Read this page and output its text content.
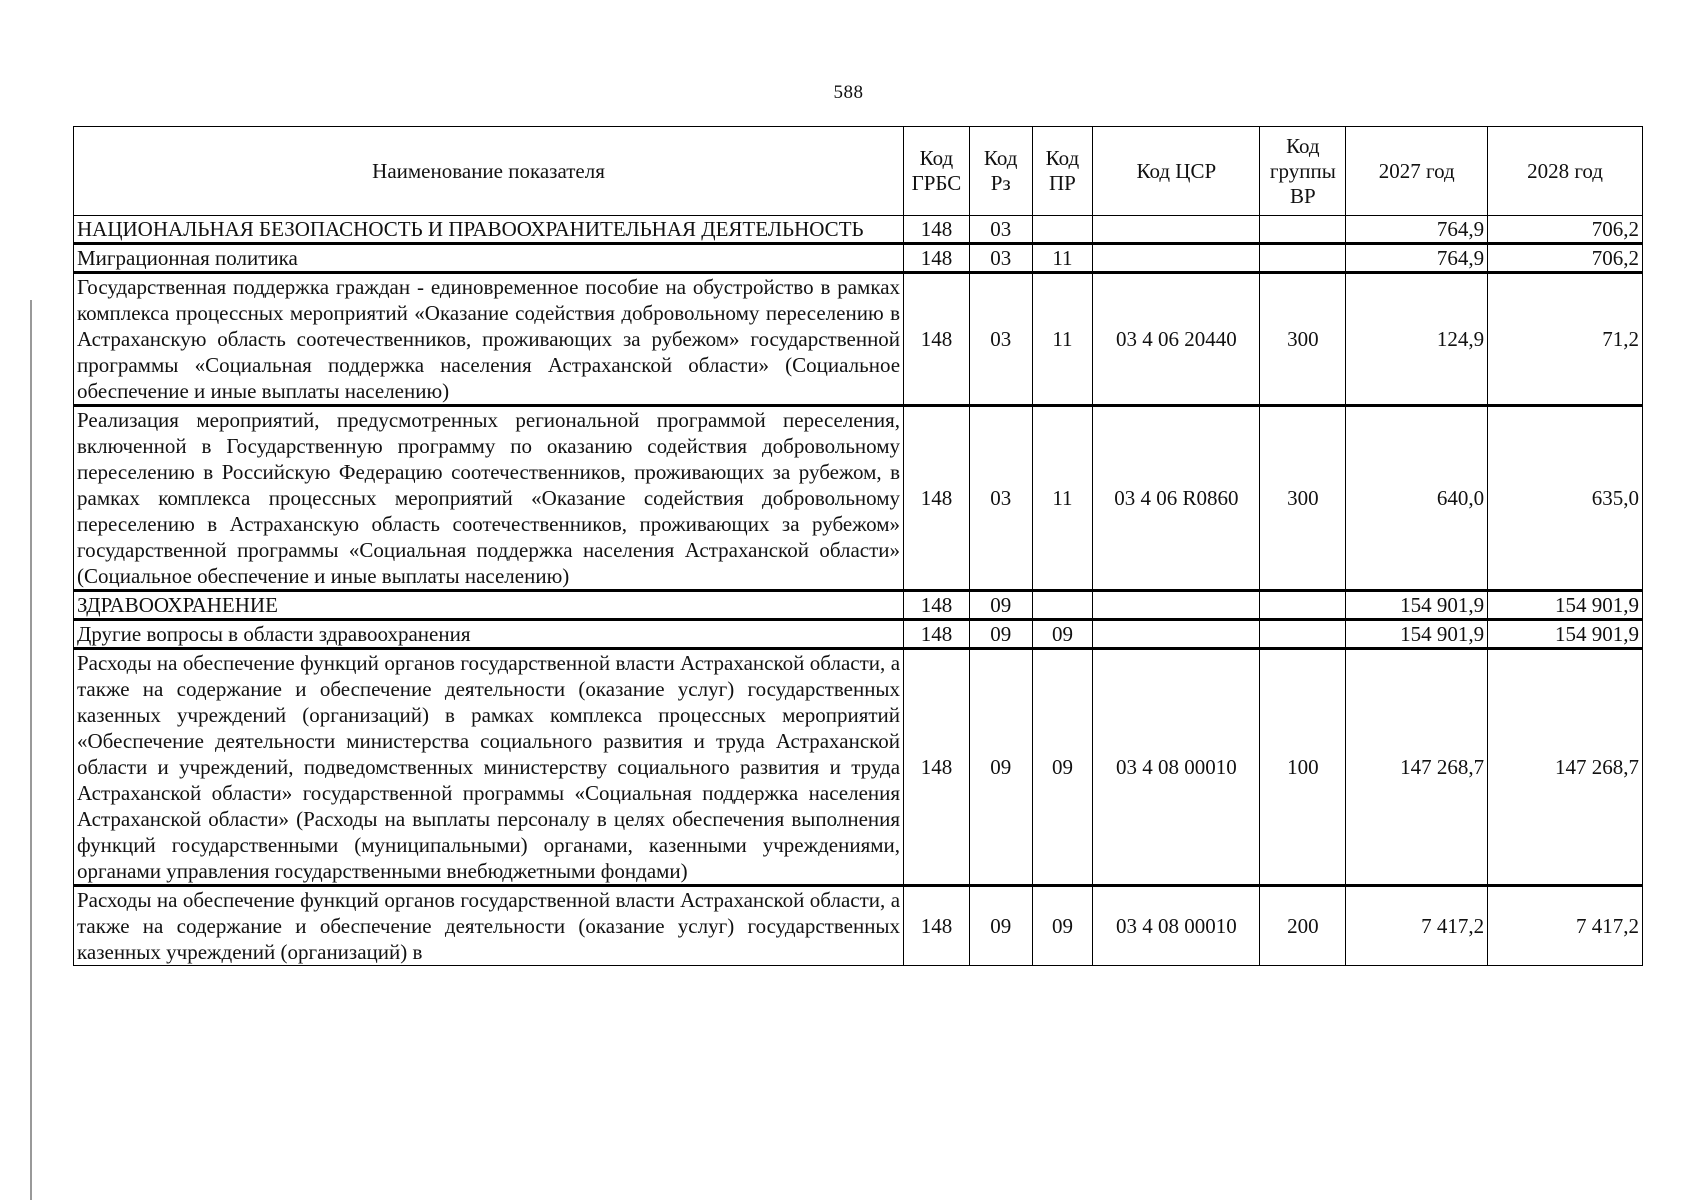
588
Наименование показателя	Код ГРБС	Код Рз	Код ПР	Код ЦСР	Код группы ВР	2027 год	2028 год
НАЦИОНАЛЬНАЯ БЕЗОПАСНОСТЬ И ПРАВООХРАНИТЕЛЬНАЯ ДЕЯТЕЛЬНОСТЬ	148	03				764,9	706,2
Миграционная политика	148	03	11			764,9	706,2
Государственная поддержка граждан - единовременное пособие на обустройство в рамках комплекса процессных мероприятий «Оказание содействия добровольному переселению в Астраханскую область соотечественников, проживающих за рубежом» государственной программы «Социальная поддержка населения Астраханской области» (Социальное обеспечение и иные выплаты населению)	148	03	11	03 4 06 20440	300	124,9	71,2
Реализация мероприятий, предусмотренных региональной программой переселения, включенной в Государственную программу по оказанию содействия добровольному переселению в Российскую Федерацию соотечественников, проживающих за рубежом, в рамках комплекса процессных мероприятий «Оказание содействия добровольному переселению в Астраханскую область соотечественников, проживающих за рубежом» государственной программы «Социальная поддержка населения Астраханской области» (Социальное обеспечение и иные выплаты населению)	148	03	11	03 4 06 R0860	300	640,0	635,0
ЗДРАВООХРАНЕНИЕ	148	09				154 901,9	154 901,9
Другие вопросы в области здравоохранения	148	09	09			154 901,9	154 901,9
Расходы на обеспечение функций органов государственной власти Астраханской области, а также на содержание и обеспечение деятельности (оказание услуг) государственных казенных учреждений (организаций) в рамках комплекса процессных мероприятий «Обеспечение деятельности министерства социального развития и труда Астраханской области и учреждений, подведомственных министерству социального развития и труда Астраханской области» государственной программы «Социальная поддержка населения Астраханской области» (Расходы на выплаты персоналу в целях обеспечения выполнения функций государственными (муниципальными) органами, казенными учреждениями, органами управления государственными внебюджетными фондами)	148	09	09	03 4 08 00010	100	147 268,7	147 268,7

Расходы на обеспечение функций органов государственной власти Астраханской области, а также на содержание и обеспечение деятельности (оказание услуг) государственных казенных учреждений (организаций) в	148	09	09	03 4 08 00010	200	7 417,2	7 417,2
